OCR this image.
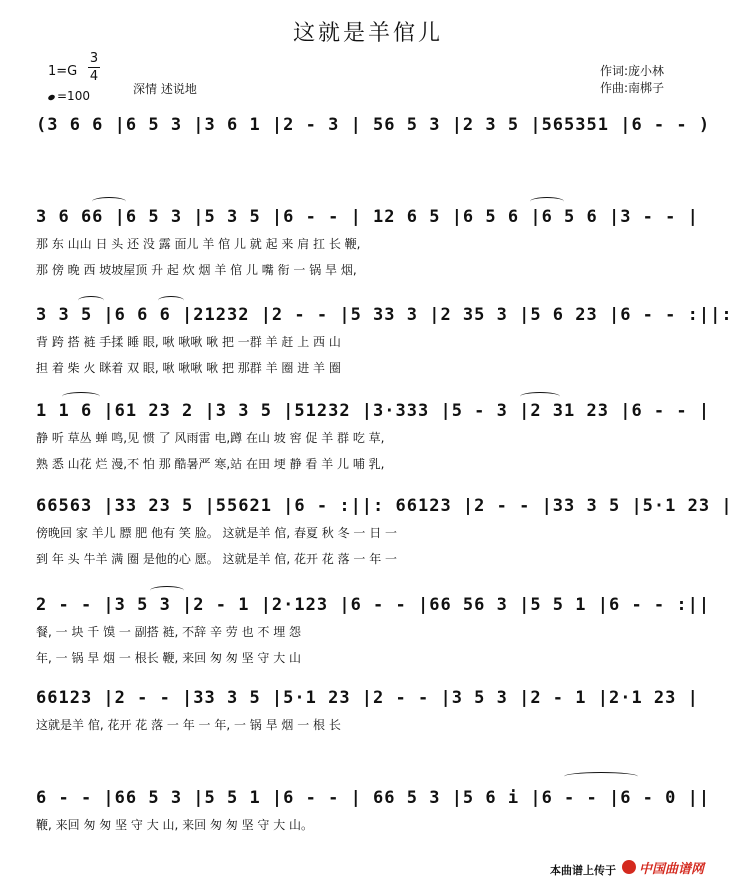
这就是羊倌儿
1=G
3
4
=100	深情 述说地
作词:庞小林
作曲:南梆子
(3 6 6 |6 5 3 |3 6 1 |2 - 3 | 56 5 3 |2 3 5 |565351 |6 - - )
3 6 66 |6 5 3 |5 3 5 |6 - - | 12 6 5 |6 5 6 |6 5 6 |3 - - |
那 东 山山 日 头 还 没 露 面儿 羊 倌 儿 就 起 来 肩 扛 长 鞭,
那 傍 晚 西 坡坡屋顶 升 起 炊 烟 羊 倌 儿 嘴 衔 一 锅 旱 烟,
3 3 5 |6 6 6 |21232 |2 - - |5 33 3 |2 35 3 |5 6 23 |6 - - :||:
背 跨 搭 裢 手揉 睡 眼, 啾 啾啾 啾 把 一群 羊 赶 上 西 山
担 着 柴 火 眯着 双 眼, 啾 啾啾 啾 把 那群 羊 圈 进 羊 圈
1 1 6 |61 23 2 |3 3 5 |51232 |3·333 |5 - 3 |2 31 23 |6 - - |
静 听 草丛 蝉 鸣,见 惯 了 风雨雷 电,蹲 在山 坡 窖 促 羊 群 吃 草,
熟 悉 山花 烂 漫,不 怕 那 酷暑严 寒,站 在田 埂 静 看 羊 儿 哺 乳,
66563 |33 23 5 |55621 |6 - :||: 66123 |2 - - |33 3 5 |5·1 23 |
傍晚回 家 羊儿 膘 肥 他有 笑 脸。 这就是羊 倌, 春夏 秋 冬 一 日 一
到 年 头 牛羊 满 圈 是他的心 愿。 这就是羊 倌, 花开 花 落 一 年 一
2 - - |3 5 3 |2 - 1 |2·123 |6 - - |66 56 3 |5 5 1 |6 - - :||
餐, 一 块 千 馍 一 副搭 裢, 不辞 辛 劳 也 不 埋 怨
年, 一 锅 旱 烟 一 根长 鞭, 来回 匆 匆 坚 守 大 山
66123 |2 - - |33 3 5 |5·1 23 |2 - - |3 5 3 |2 - 1 |2·1 23 |
这就是羊 倌, 花开 花 落 一 年 一 年, 一 锅 旱 烟 一 根 长
6 - - |66 5 3 |5 5 1 |6 - - | 66 5 3 |5 6 i |6 - - |6 - 0 ||
鞭, 来回 匆 匆 坚 守 大 山, 来回 匆 匆 坚 守 大 山。
本曲谱上传于 中国曲谱网
